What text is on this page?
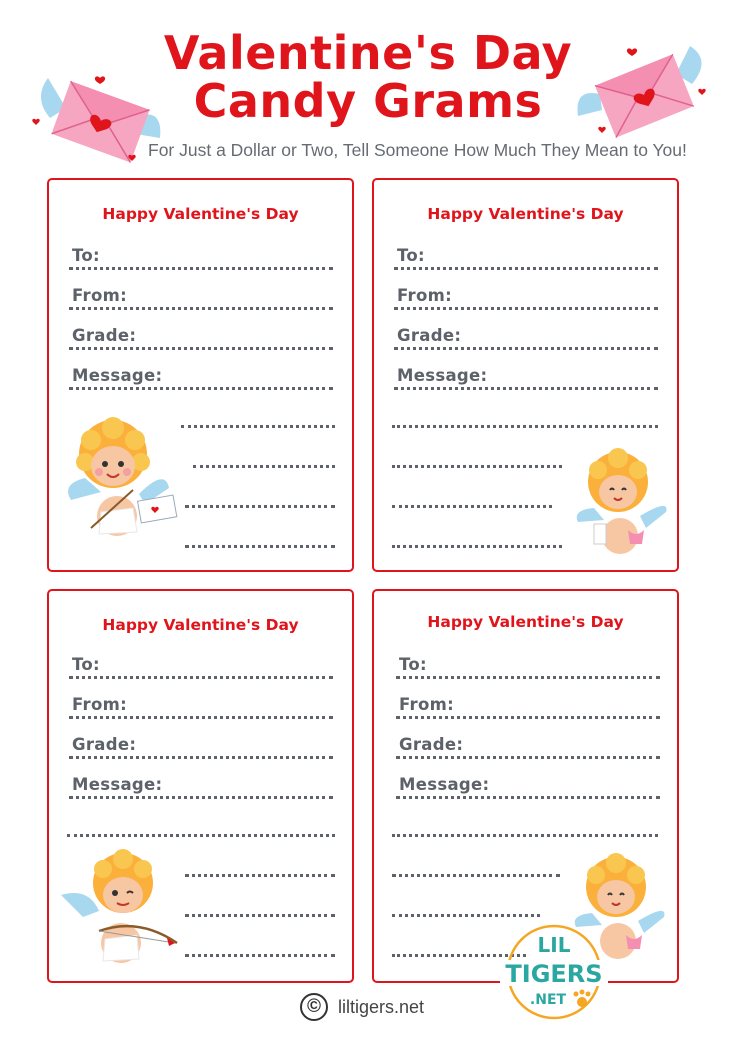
Valentine's Day
Candy Grams
For Just a Dollar or Two, Tell Someone How Much They Mean to You!
Happy Valentine's Day
To:
From:
Grade:
Message:
Happy Valentine's Day
To:
From:
Grade:
Message:
Happy Valentine's Day
To:
From:
Grade:
Message:
Happy Valentine's Day
To:
From:
Grade:
Message:
LIL
TIGERS
.NET
© liltigers.net
